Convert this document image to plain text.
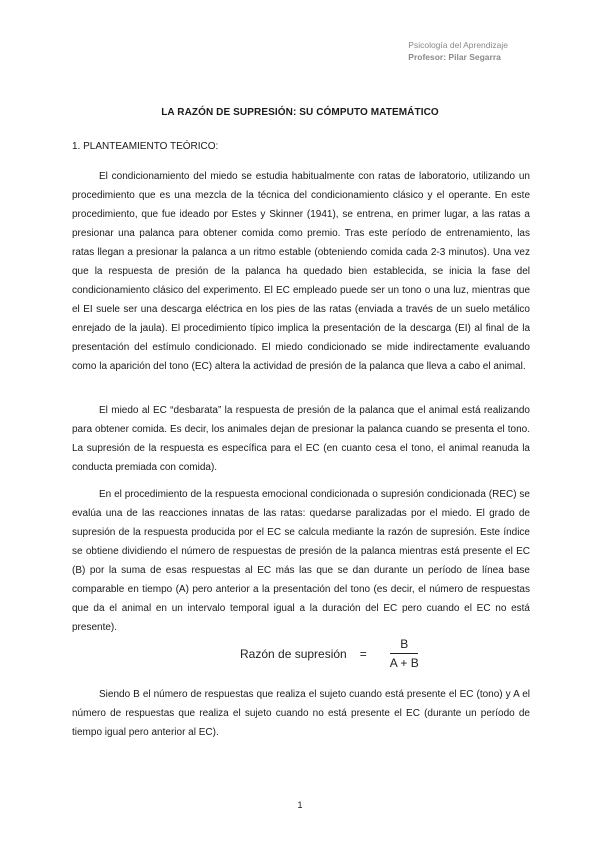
Psicología del Aprendizaje
Profesor: Pilar Segarra
LA RAZÓN DE SUPRESIÓN: SU CÓMPUTO MATEMÁTICO
1. PLANTEAMIENTO TEÓRICO:

El condicionamiento del miedo se estudia habitualmente con ratas de laboratorio, utilizando un procedimiento que es una mezcla de la técnica del condicionamiento clásico y el operante. En este procedimiento, que fue ideado por Estes y Skinner (1941), se entrena, en primer lugar, a las ratas a presionar una palanca para obtener comida como premio. Tras este período de entrenamiento, las ratas llegan a presionar la palanca a un ritmo estable (obteniendo comida cada 2-3 minutos). Una vez que la respuesta de presión de la palanca ha quedado bien establecida, se inicia la fase del condicionamiento clásico del experimento. El EC empleado puede ser un tono o una luz, mientras que el EI suele ser una descarga eléctrica en los pies de las ratas (enviada a través de un suelo metálico enrejado de la jaula). El procedimiento típico implica la presentación de la descarga (EI) al final de la presentación del estímulo condicionado. El miedo condicionado se mide indirectamente evaluando como la aparición del tono (EC) altera la actividad de presión de la palanca que lleva a cabo el animal.

El miedo al EC “desbarata” la respuesta de presión de la palanca que el animal está realizando para obtener comida. Es decir, los animales dejan de presionar la palanca cuando se presenta el tono. La supresión de la respuesta es específica para el EC (en cuanto cesa el tono, el animal reanuda la conducta premiada con comida).

En el procedimiento de la respuesta emocional condicionada o supresión condicionada (REC) se evalúa una de las reacciones innatas de las ratas: quedarse paralizadas por el miedo. El grado de supresión de la respuesta producida por el EC se calcula mediante la razón de supresión. Este índice se obtiene dividiendo el número de respuestas de presión de la palanca mientras está presente el EC (B) por la suma de esas respuestas al EC más las que se dan durante un período de línea base comparable en tiempo (A) pero anterior a la presentación del tono (es decir, el número de respuestas que da el animal en un intervalo temporal igual a la duración del EC pero cuando el EC no está presente).

Razón de supresión = $\frac{B}{A + B}$

Siendo B el número de respuestas que realiza el sujeto cuando está presente el EC (tono) y A el número de respuestas que realiza el sujeto cuando no está presente el EC (durante un período de tiempo igual pero anterior al EC).

1
